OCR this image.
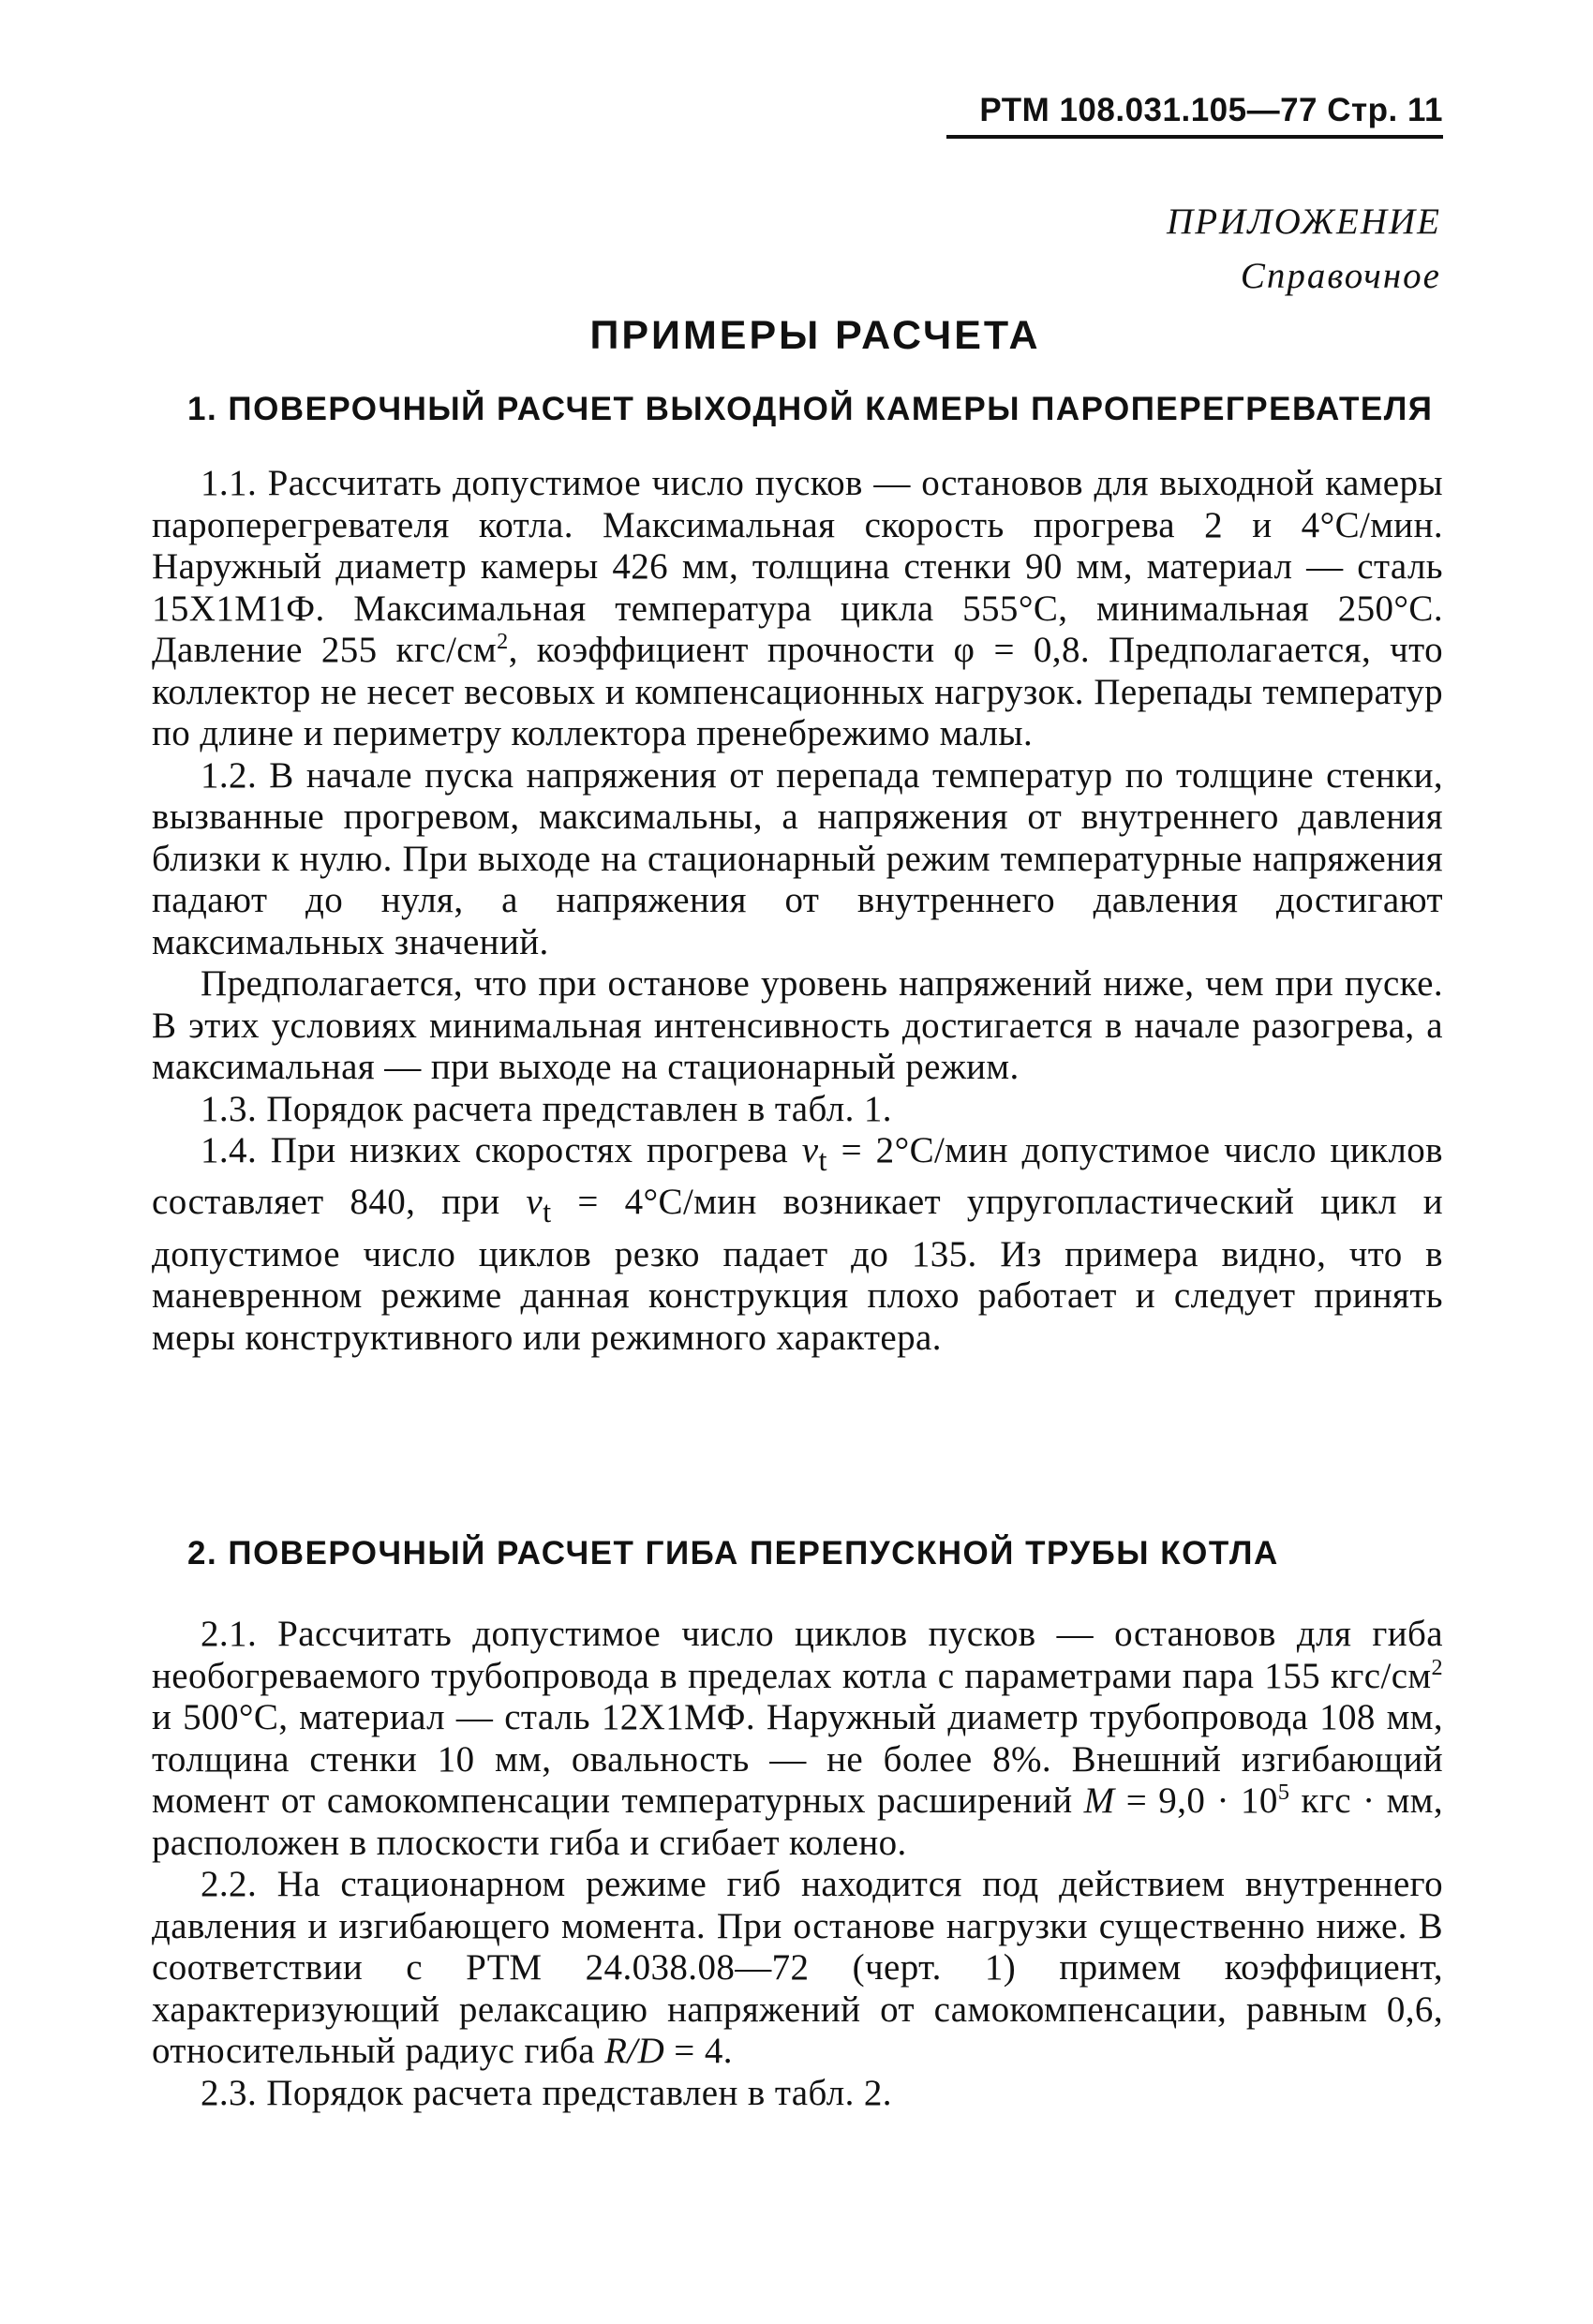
РТМ 108.031.105—77 Стр. 11
ПРИЛОЖЕНИЕ
Справочное
ПРИМЕРЫ РАСЧЕТА
1. ПОВЕРОЧНЫЙ РАСЧЕТ ВЫХОДНОЙ КАМЕРЫ ПАРОПЕРЕГРЕВАТЕЛЯ

1.1. Рассчитать допустимое число пусков — остановов для выходной камеры пароперегревателя котла. Максимальная скорость прогрева 2 и 4°С/мин. Наружный диаметр камеры 426 мм, толщина стенки 90 мм, материал — сталь 15Х1М1Ф. Максимальная температура цикла 555°С, минимальная 250°С. Давление 255 кгс/$см^2$, коэффициент прочности φ = 0,8. Предполагается, что коллектор не несет весовых и компенсационных нагрузок. Перепады температур по длине и периметру коллектора пренебрежимо малы.

1.2. В начале пуска напряжения от перепада температур по толщине стенки, вызванные прогревом, максимальны, а напряжения от внутреннего давления близки к нулю. При выходе на стационарный режим температурные напряжения падают до нуля, а напряжения от внутреннего давления достигают максимальных значений.

Предполагается, что при останове уровень напряжений ниже, чем при пуске. В этих условиях минимальная интенсивность достигается в начале разогрева, а максимальная — при выходе на стационарный режим.

1.3. Порядок расчета представлен в табл. 1.

1.4. При низких скоростях прогрева $v_t = 2^\circ С/мин$ допустимое число циклов составляет 840, при $v_t = 4^\circ С/мин$ возникает упругопластический цикл и допустимое число циклов резко падает до 135. Из примера видно, что в маневренном режиме данная конструкция плохо работает и следует принять меры конструктивного или режимного характера.

2. ПОВЕРОЧНЫЙ РАСЧЕТ ГИБА ПЕРЕПУСКНОЙ ТРУБЫ КОТЛА

2.1. Рассчитать допустимое число циклов пусков — остановов для гиба необогреваемого трубопровода в пределах котла с параметрами пара 155 кгс/$см^2$ и 500°С, материал — сталь 12Х1МФ. Наружный диаметр трубопровода 108 мм, толщина стенки 10 мм, овальность — не более 8%. Внешний изгибающий момент от самокомпенсации температурных расширений $М = 9,0 \cdot 10^5$ кгс · мм, расположен в плоскости гиба и сгибает колено.

2.2. На стационарном режиме гиб находится под действием внутреннего давления и изгибающего момента. При останове нагрузки существенно ниже. В соответствии с РТМ 24.038.08—72 (черт. 1) примем коэффициент, характеризующий релаксацию напряжений от самокомпенсации, равным 0,6, относительный радиус гиба R/D = 4.

2.3. Порядок расчета представлен в табл. 2.
